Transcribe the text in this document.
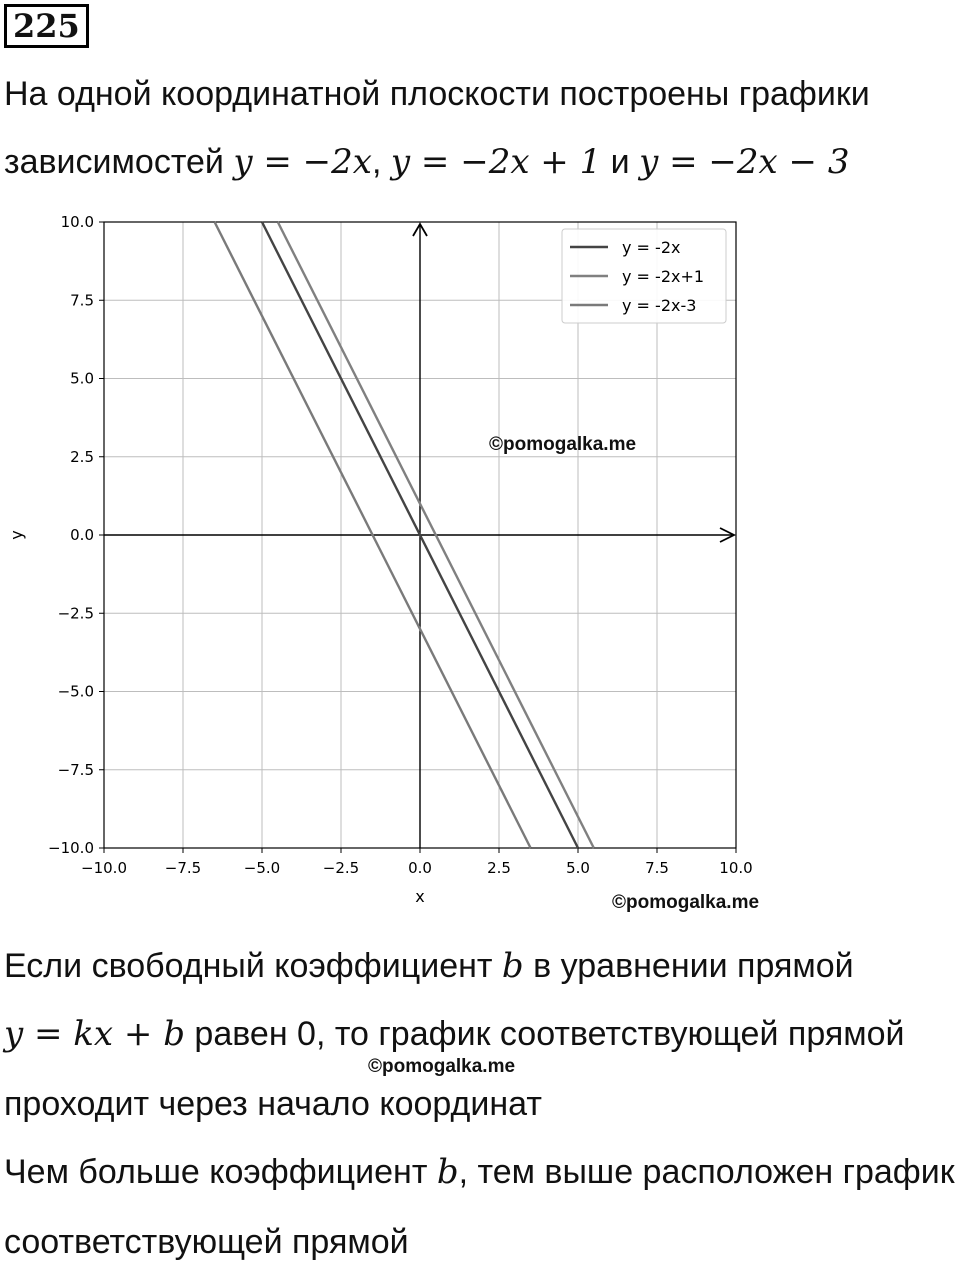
225
На одной координатной плоскости построены графики
зависимостей y = −2x, y = −2x + 1 и y = −2x − 3
−10.0	−7.5	−5.0	−2.5	0.0	2.5	5.0	7.5	10.0
10.0
7.5
5.0
2.5
0.0
−2.5
−5.0
−7.5
−10.0
x
y
y = -2x
y = -2x+1
y = -2x-3
©pomogalka.me
©pomogalka.me
Если свободный коэффициент b в уравнении прямой
y = kx + b равен 0, то график соответствующей прямой
©pomogalka.me
проходит через начало координат
Чем больше коэффициент b, тем выше расположен график
соответствующей прямой
